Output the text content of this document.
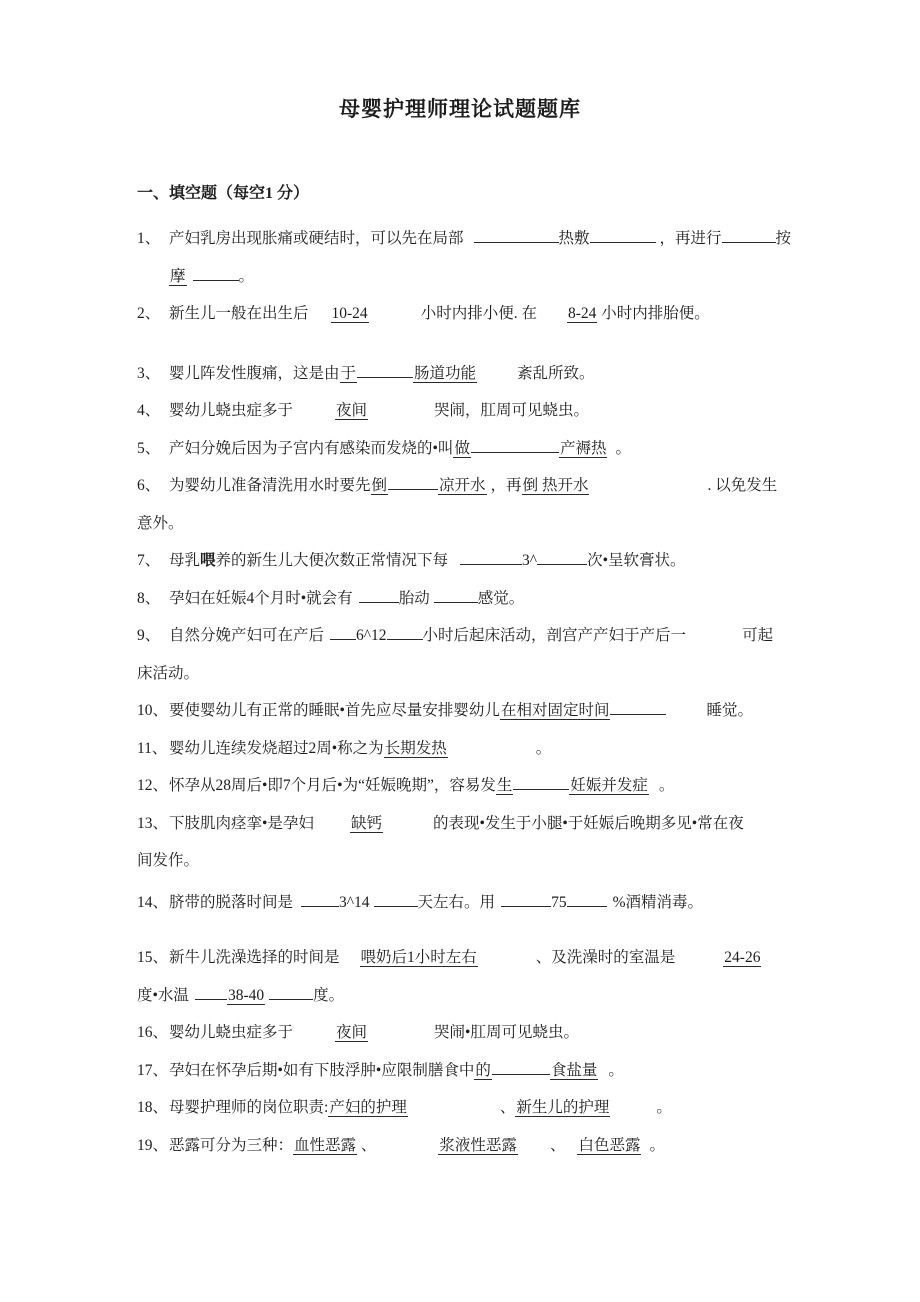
母婴护理师理论试题题库
一、填空题（每空1 分）
1、 产妇乳房出现胀痛或硬结时，可以先在局部	热敷	，再进行	按
摩	。
2、 新生儿一般在出生后 10-24	小时内排小便. 在 8-24 小时内排胎便。
3、 婴儿阵发性腹痛，这是由于	肠道功能	紊乱所致。
4、 婴幼儿蛲虫症多于	夜间	哭闹，肛周可见蛲虫。
5、 产妇分娩后因为子宫内有感染而发烧的•叫做	产褥热 。
6、 为婴幼儿准备清洗用水时要先倒	凉开水 ，再倒 热开水	. 以免发生
意外。
7、 母乳喂养的新生儿大便次数正常情况下每	3^	次•呈软膏状。
8、 孕妇在妊娠4个月时•就会有	胎动	感觉。
9、 自然分娩产妇可在产后 6^12 小时后起床活动，剖宫产产妇于产后一	可起
床活动。
10、要使婴幼儿有正常的睡眠•首先应尽量安排婴幼儿在相对固定时间	睡觉。
11、 婴幼儿连续发烧超过2周•称之为长期发热	。
12、怀孕从28周后•即7个月后•为“妊娠晚期”，容易发生	妊娠并发症 。
13、下肢肌肉痉挛•是孕妇 缺钙	的表现•发生于小腿•于妊娠后晚期多见•常在夜
间发作。
14、脐带的脱落时间是	3^14	天左右。用	75	%酒精消毒。
15、新牛儿洗澡选择的时间是 喂奶后1小时左右	、及洗澡时的室温是	24-26
度•水温	38-40	度。
16、婴幼儿蛲虫症多于	夜间	哭闹•肛周可见蛲虫。
17、孕妇在怀孕后期•如有下肢浮肿•应限制膳食中的	食盐量 。
18、母婴护理师的岗位职责:产妇的护理	、新生儿的护理	。
19、恶露可分为三种：血性恶露 、	浆液性恶露 、 白色恶露 。
